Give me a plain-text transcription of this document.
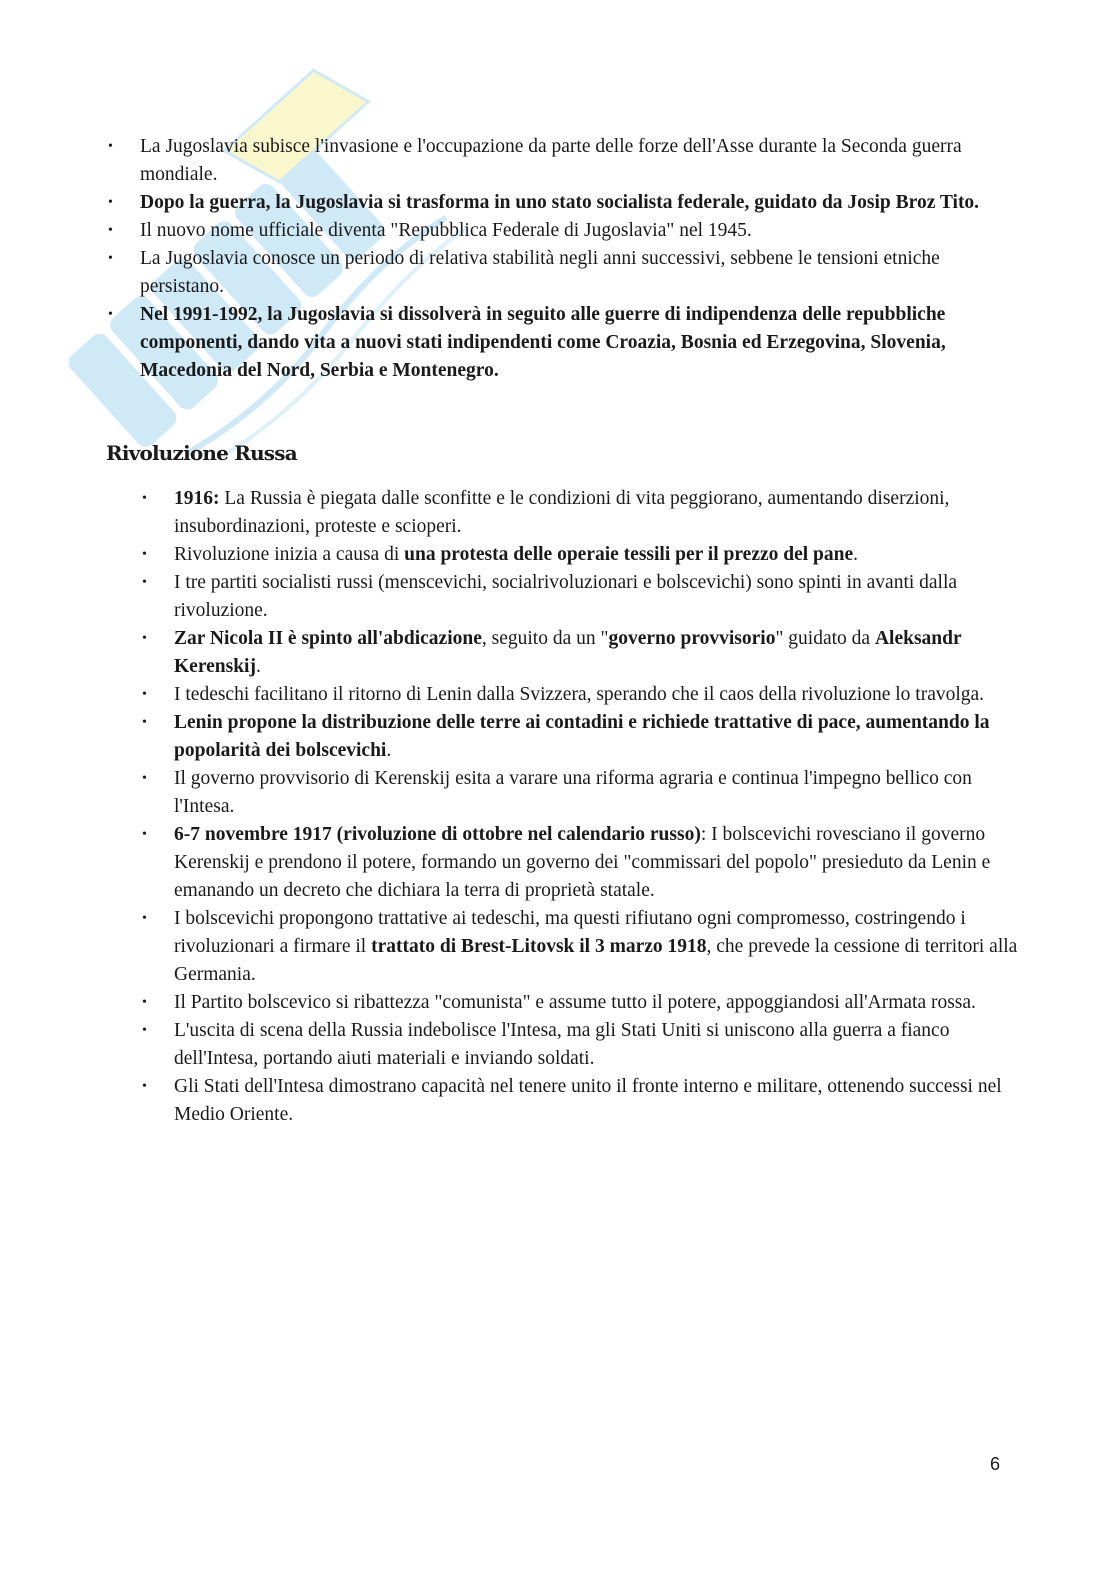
• La Jugoslavia subisce l'invasione e l'occupazione da parte delle forze dell'Asse durante la Seconda guerra mondiale.
• Dopo la guerra, la Jugoslavia si trasforma in uno stato socialista federale, guidato da Josip Broz Tito.
• Il nuovo nome ufficiale diventa "Repubblica Federale di Jugoslavia" nel 1945.
• La Jugoslavia conosce un periodo di relativa stabilità negli anni successivi, sebbene le tensioni etniche persistano.
• Nel 1991-1992, la Jugoslavia si dissolverà in seguito alle guerre di indipendenza delle repubbliche componenti, dando vita a nuovi stati indipendenti come Croazia, Bosnia ed Erzegovina, Slovenia, Macedonia del Nord, Serbia e Montenegro.
Rivoluzione Russa
• 1916: La Russia è piegata dalle sconfitte e le condizioni di vita peggiorano, aumentando diserzioni, insubordinazioni, proteste e scioperi.
• Rivoluzione inizia a causa di una protesta delle operaie tessili per il prezzo del pane.
• I tre partiti socialisti russi (menscevichi, socialrivoluzionari e bolscevichi) sono spinti in avanti dalla rivoluzione.
• Zar Nicola II è spinto all'abdicazione, seguito da un "governo provvisorio" guidato da Aleksandr Kerenskij.
• I tedeschi facilitano il ritorno di Lenin dalla Svizzera, sperando che il caos della rivoluzione lo travolga.
• Lenin propone la distribuzione delle terre ai contadini e richiede trattative di pace, aumentando la popolarità dei bolscevichi.
• Il governo provvisorio di Kerenskij esita a varare una riforma agraria e continua l'impegno bellico con l'Intesa.
• 6-7 novembre 1917 (rivoluzione di ottobre nel calendario russo): I bolscevichi rovesciano il governo Kerenskij e prendono il potere, formando un governo dei "commissari del popolo" presieduto da Lenin e emanando un decreto che dichiara la terra di proprietà statale.
• I bolscevichi propongono trattative ai tedeschi, ma questi rifiutano ogni compromesso, costringendo i rivoluzionari a firmare il trattato di Brest-Litovsk il 3 marzo 1918, che prevede la cessione di territori alla Germania.
• Il Partito bolscevico si ribattezza "comunista" e assume tutto il potere, appoggiandosi all'Armata rossa.
• L'uscita di scena della Russia indebolisce l'Intesa, ma gli Stati Uniti si uniscono alla guerra a fianco dell'Intesa, portando aiuti materiali e inviando soldati.
• Gli Stati dell'Intesa dimostrano capacità nel tenere unito il fronte interno e militare, ottenendo successi nel Medio Oriente.
6
